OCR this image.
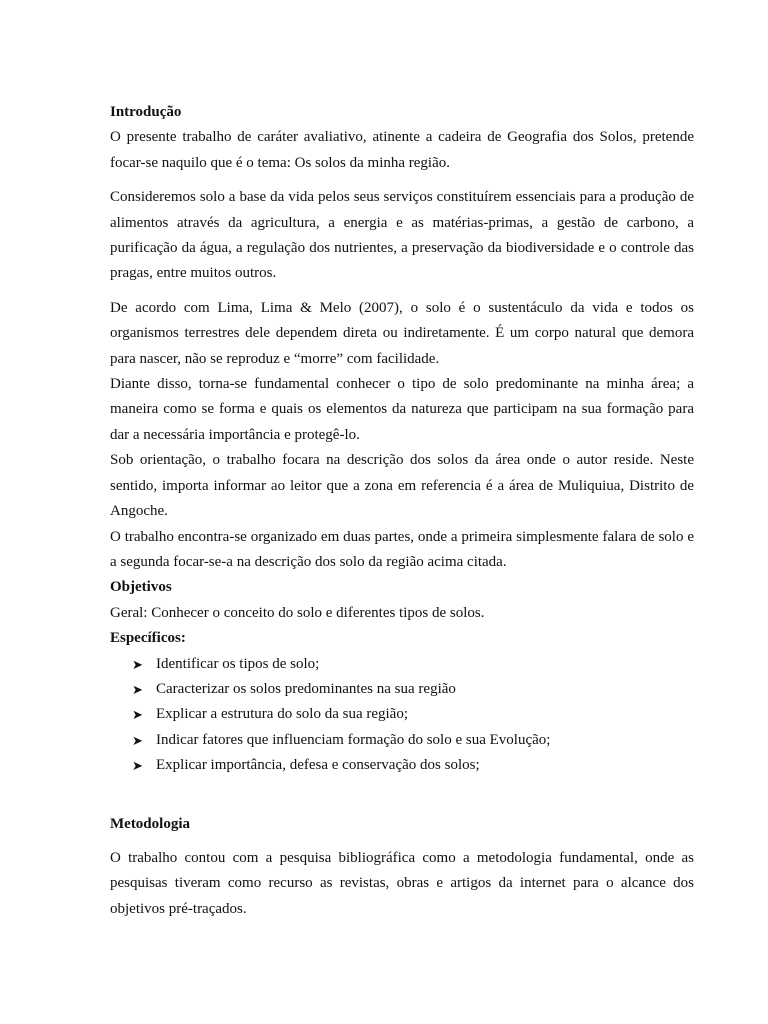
Introdução

O presente trabalho de caráter avaliativo, atinente a cadeira de Geografia dos Solos, pretende focar-se naquilo que é o tema: Os solos da minha região.

Consideremos solo a base da vida pelos seus serviços constituírem essenciais para a produção de alimentos através da agricultura, a energia e as matérias-primas, a gestão de carbono, a purificação da água, a regulação dos nutrientes, a preservação da biodiversidade e o controle das pragas, entre muitos outros.

De acordo com Lima, Lima & Melo (2007), o solo é o sustentáculo da vida e todos os organismos terrestres dele dependem direta ou indiretamente. É um corpo natural que demora para nascer, não se reproduz e “morre” com facilidade.

Diante disso, torna-se fundamental conhecer o tipo de solo predominante na minha área; a maneira como se forma e quais os elementos da natureza que participam na sua formação para dar a necessária importância e protegê-lo.

Sob orientação, o trabalho focara na descrição dos solos da área onde o autor reside. Neste sentido, importa informar ao leitor que a zona em referencia é a área de Muliquiua, Distrito de Angoche.

O trabalho encontra-se organizado em duas partes, onde a primeira simplesmente falara de solo e a segunda focar-se-a na descrição dos solo da região acima citada.

Objetivos

Geral: Conhecer o conceito do solo e diferentes tipos de solos.

Específicos:

➤ Identificar os tipos de solo;
➤ Caracterizar os solos predominantes na sua região
➤ Explicar a estrutura do solo da sua região;
➤ Indicar fatores que influenciam formação do solo e sua Evolução;
➤ Explicar importância, defesa e conservação dos solos;

Metodologia

O trabalho contou com a pesquisa bibliográfica como a metodologia fundamental, onde as pesquisas tiveram como recurso as revistas, obras e artigos da internet para o alcance dos objetivos pré-traçados.
